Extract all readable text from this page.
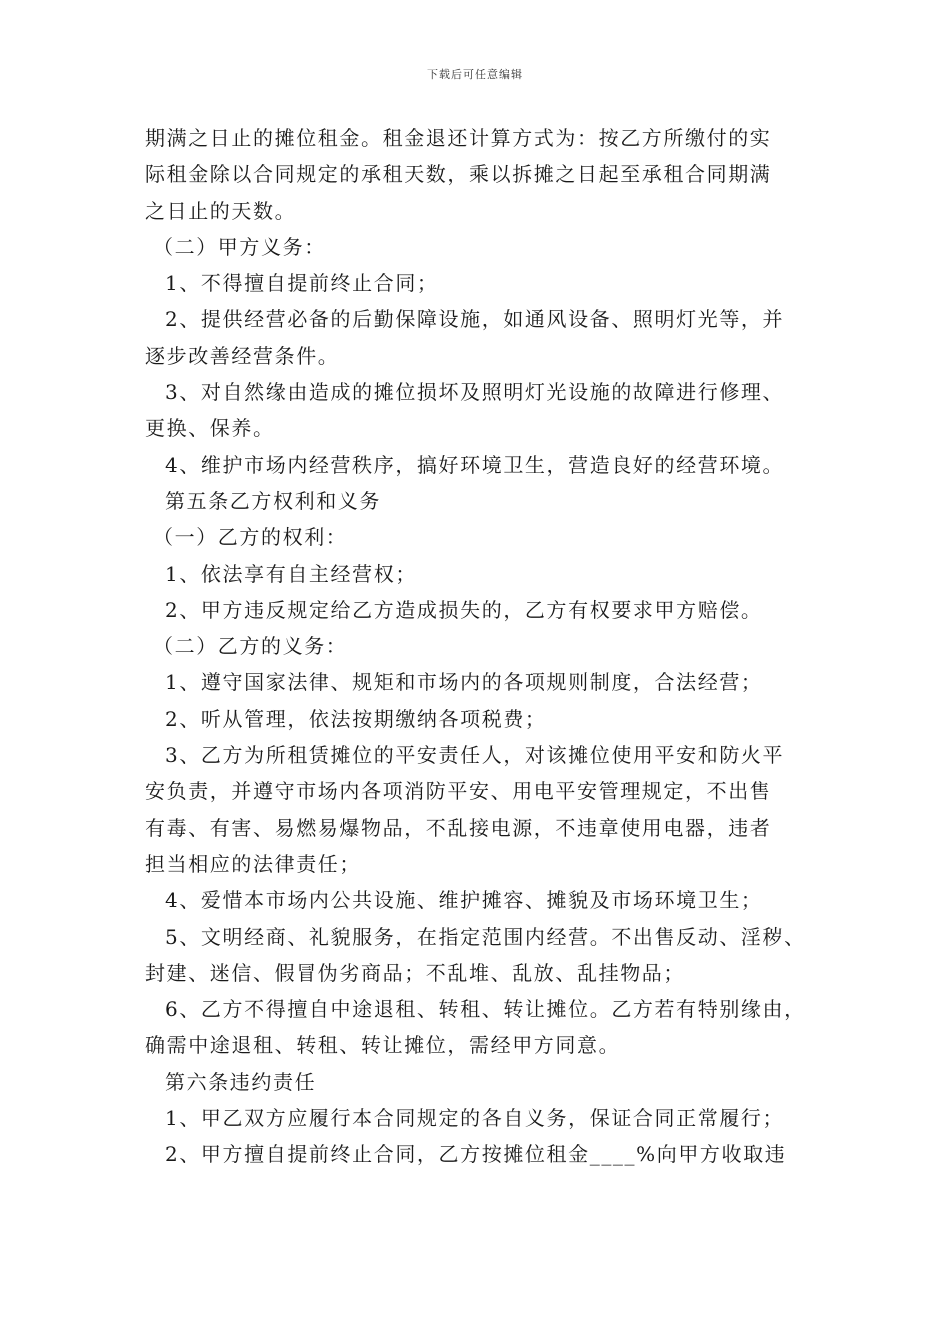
下载后可任意编辑
期满之日止的摊位租金。租金退还计算方式为：按乙方所缴付的实
际租金除以合同规定的承租天数，乘以拆摊之日起至承租合同期满
之日止的天数。
（二）甲方义务：
1、不得擅自提前终止合同；
2、提供经营必备的后勤保障设施，如通风设备、照明灯光等，并
逐步改善经营条件。
3、对自然缘由造成的摊位损坏及照明灯光设施的故障进行修理、
更换、保养。
4、维护市场内经营秩序，搞好环境卫生，营造良好的经营环境。
第五条乙方权利和义务
（一）乙方的权利：
1、依法享有自主经营权；
2、甲方违反规定给乙方造成损失的，乙方有权要求甲方赔偿。
（二）乙方的义务：
1、遵守国家法律、规矩和市场内的各项规则制度，合法经营；
2、听从管理，依法按期缴纳各项税费；
3、乙方为所租赁摊位的平安责任人，对该摊位使用平安和防火平
安负责，并遵守市场内各项消防平安、用电平安管理规定，不出售
有毒、有害、易燃易爆物品，不乱接电源，不违章使用电器，违者
担当相应的法律责任；
4、爱惜本市场内公共设施、维护摊容、摊貌及市场环境卫生；
5、文明经商、礼貌服务，在指定范围内经营。不出售反动、淫秽、
封建、迷信、假冒伪劣商品；不乱堆、乱放、乱挂物品；
6、乙方不得擅自中途退租、转租、转让摊位。乙方若有特别缘由，
确需中途退租、转租、转让摊位，需经甲方同意。
第六条违约责任
1、甲乙双方应履行本合同规定的各自义务，保证合同正常履行；
2、甲方擅自提前终止合同，乙方按摊位租金____%向甲方收取违
